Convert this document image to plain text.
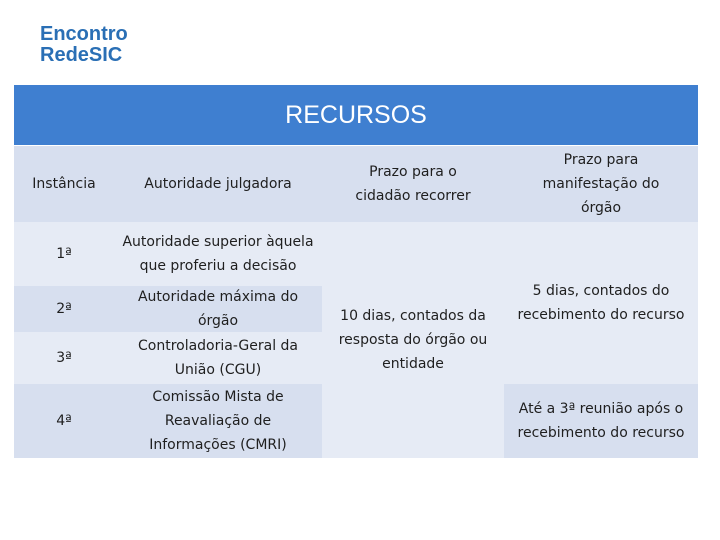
Encontro
RedeSIC
RECURSOS
Instância	Autoridade julgadora
Prazo para o cidadão recorrer
Prazo para manifestação do órgão
1ª
2ª
3ª
4ª
Autoridade superior àquela que proferiu a decisão
Autoridade máxima do órgão
Controladoria-Geral da União (CGU)
Comissão Mista de Reavaliação de Informações (CMRI)
10 dias, contados da resposta do órgão ou entidade
5 dias, contados do recebimento do recurso
Até a 3ª reunião após o recebimento do recurso
